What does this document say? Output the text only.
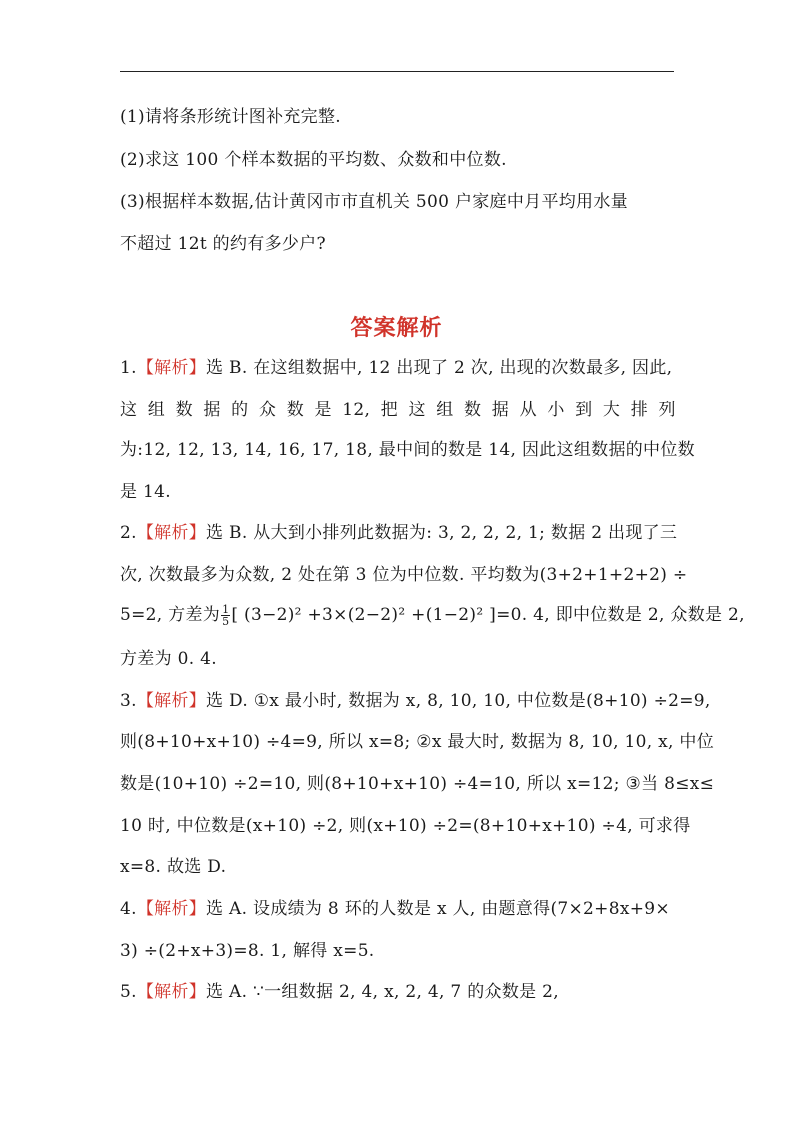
(1)请将条形统计图补充完整.
(2)求这 100 个样本数据的平均数、众数和中位数.
(3)根据样本数据,估计黄冈市市直机关 500 户家庭中月平均用水量
不超过 12t 的约有多少户?
答案解析
1.【解析】选 B. 在这组数据中, 12 出现了 2 次, 出现的次数最多, 因此,
这 组 数 据 的 众 数 是 12, 把 这 组 数 据 从 小 到 大 排 列
为:12, 12, 13, 14, 16, 17, 18, 最中间的数是 14, 因此这组数据的中位数
是 14.
2.【解析】选 B. 从大到小排列此数据为: 3, 2, 2, 2, 1; 数据 2 出现了三
次, 次数最多为众数, 2 处在第 3 位为中位数. 平均数为(3+2+1+2+2) ÷
5=2, 方差为 $\frac{1}{5}$ [ (3−2)² +3×(2−2)² +(1−2)² ]=0. 4, 即中位数是 2, 众数是 2,
方差为 0. 4.
3.【解析】选 D. ①x 最小时, 数据为 x, 8, 10, 10, 中位数是(8+10) ÷2=9,
则(8+10+x+10) ÷4=9, 所以 x=8; ②x 最大时, 数据为 8, 10, 10, x, 中位
数是(10+10) ÷2=10, 则(8+10+x+10) ÷4=10, 所以 x=12; ③当 8≤x≤
10 时, 中位数是(x+10) ÷2, 则(x+10) ÷2=(8+10+x+10) ÷4, 可求得
x=8. 故选 D.
4.【解析】选 A. 设成绩为 8 环的人数是 x 人, 由题意得(7×2+8x+9×
3) ÷(2+x+3)=8. 1, 解得 x=5.
5.【解析】选 A. ∵一组数据 2, 4, x, 2, 4, 7 的众数是 2,
